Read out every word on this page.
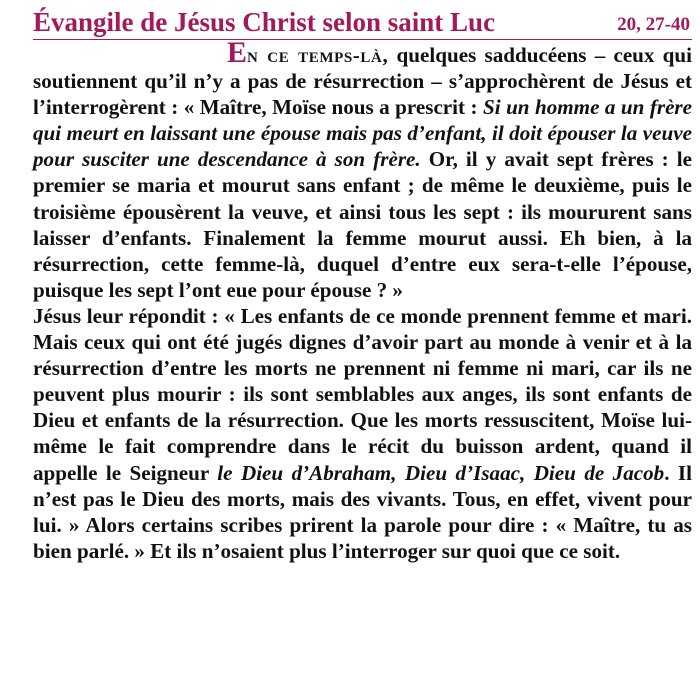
Évangile de Jésus Christ selon saint Luc	20, 27-40

En ce temps-là, quelques sadducéens – ceux qui soutiennent qu’il n’y a pas de résurrection – s’approchèrent de Jésus et l’interrogèrent : « Maître, Moïse nous a prescrit : Si un homme a un frère qui meurt en laissant une épouse mais pas d’enfant, il doit épouser la veuve pour susciter une descendance à son frère. Or, il y avait sept frères : le premier se maria et mourut sans enfant ; de même le deuxième, puis le troisième épousèrent la veuve, et ainsi tous les sept : ils moururent sans laisser d’enfants. Finalement la femme mourut aussi. Eh bien, à la résurrection, cette femme-là, duquel d’entre eux sera-t-elle l’épouse, puisque les sept l’ont eue pour épouse ? »

Jésus leur répondit : « Les enfants de ce monde prennent femme et mari. Mais ceux qui ont été jugés dignes d’avoir part au monde à venir et à la résurrection d’entre les morts ne prennent ni femme ni mari, car ils ne peuvent plus mourir : ils sont semblables aux anges, ils sont enfants de Dieu et enfants de la résurrection. Que les morts ressuscitent, Moïse lui-même le fait comprendre dans le récit du buisson ardent, quand il appelle le Seigneur le Dieu d’Abraham, Dieu d’Isaac, Dieu de Jacob. Il n’est pas le Dieu des morts, mais des vivants. Tous, en effet, vivent pour lui. » Alors certains scribes prirent la parole pour dire : « Maître, tu as bien parlé. » Et ils n’osaient plus l’interroger sur quoi que ce soit.
